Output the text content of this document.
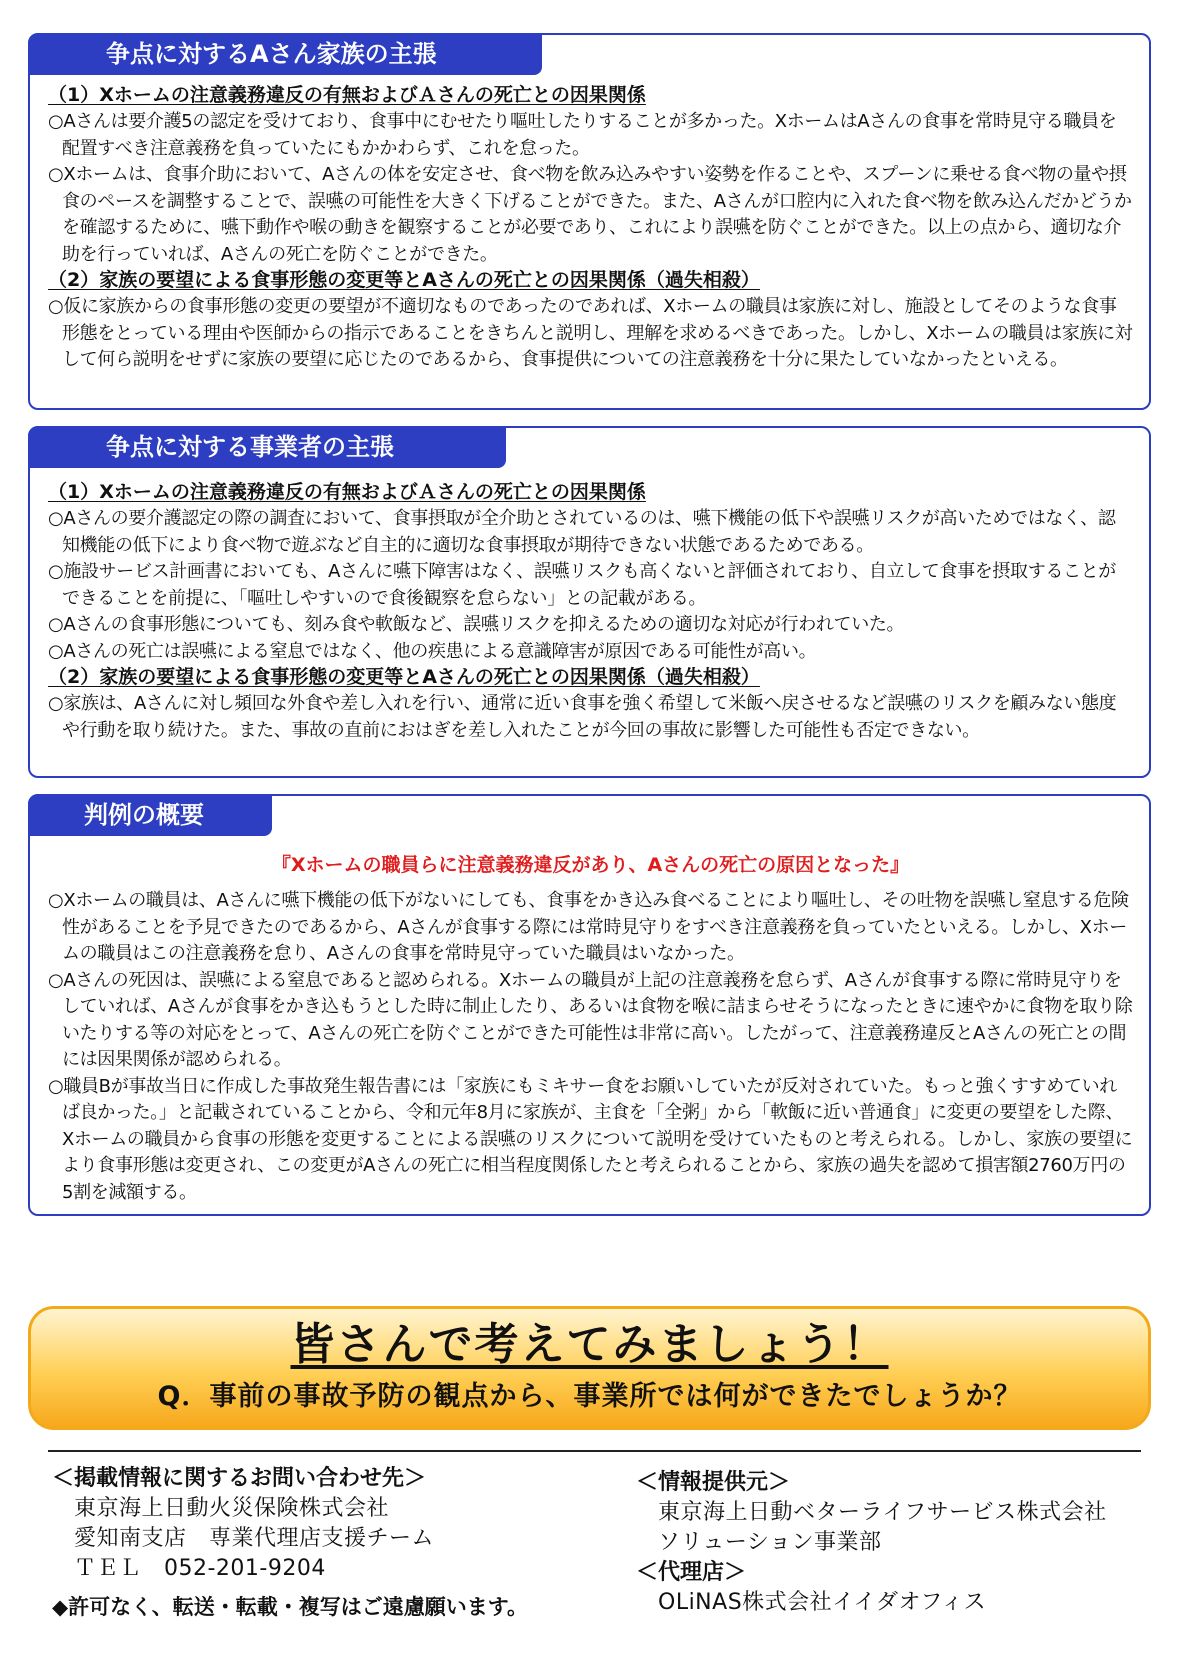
争点に対するAさん家族の主張
（1）Xホームの注意義務違反の有無およびＡさんの死亡との因果関係

○Aさんは要介護5の認定を受けており、食事中にむせたり嘔吐したりすることが多かった。XホームはAさんの食事を常時見守る職員を配置すべき注意義務を負っていたにもかかわらず、これを怠った。

○Xホームは、食事介助において、Aさんの体を安定させ、食べ物を飲み込みやすい姿勢を作ることや、スプーンに乗せる食べ物の量や摂食のペースを調整することで、誤嚥の可能性を大きく下げることができた。また、Aさんが口腔内に入れた食べ物を飲み込んだかどうかを確認するために、嚥下動作や喉の動きを観察することが必要であり、これにより誤嚥を防ぐことができた。以上の点から、適切な介助を行っていれば、Aさんの死亡を防ぐことができた。

（2）家族の要望による食事形態の変更等とAさんの死亡との因果関係（過失相殺）

○仮に家族からの食事形態の変更の要望が不適切なものであったのであれば、Xホームの職員は家族に対し、施設としてそのような食事形態をとっている理由や医師からの指示であることをきちんと説明し、理解を求めるべきであった。しかし、Xホームの職員は家族に対して何ら説明をせずに家族の要望に応じたのであるから、食事提供についての注意義務を十分に果たしていなかったといえる。

争点に対する事業者の主張
（1）Xホームの注意義務違反の有無およびＡさんの死亡との因果関係

○Aさんの要介護認定の際の調査において、食事摂取が全介助とされているのは、嚥下機能の低下や誤嚥リスクが高いためではなく、認知機能の低下により食べ物で遊ぶなど自主的に適切な食事摂取が期待できない状態であるためである。

○施設サービス計画書においても、Aさんに嚥下障害はなく、誤嚥リスクも高くないと評価されており、自立して食事を摂取することができることを前提に、「嘔吐しやすいので食後観察を怠らない」との記載がある。

○Aさんの食事形態についても、刻み食や軟飯など、誤嚥リスクを抑えるための適切な対応が行われていた。

○Aさんの死亡は誤嚥による窒息ではなく、他の疾患による意識障害が原因である可能性が高い。

（2）家族の要望による食事形態の変更等とAさんの死亡との因果関係（過失相殺）

○家族は、Aさんに対し頻回な外食や差し入れを行い、通常に近い食事を強く希望して米飯へ戻させるなど誤嚥のリスクを顧みない態度や行動を取り続けた。また、事故の直前におはぎを差し入れたことが今回の事故に影響した可能性も否定できない。

判例の概要
『Xホームの職員らに注意義務違反があり、Aさんの死亡の原因となった』

○Xホームの職員は、Aさんに嚥下機能の低下がないにしても、食事をかき込み食べることにより嘔吐し、その吐物を誤嚥し窒息する危険性があることを予見できたのであるから、Aさんが食事する際には常時見守りをすべき注意義務を負っていたといえる。しかし、Xホームの職員はこの注意義務を怠り、Aさんの食事を常時見守っていた職員はいなかった。

○Aさんの死因は、誤嚥による窒息であると認められる。Xホームの職員が上記の注意義務を怠らず、Aさんが食事する際に常時見守りをしていれば、Aさんが食事をかき込もうとした時に制止したり、あるいは食物を喉に詰まらせそうになったときに速やかに食物を取り除いたりする等の対応をとって、Aさんの死亡を防ぐことができた可能性は非常に高い。したがって、注意義務違反とAさんの死亡との間には因果関係が認められる。

○職員Bが事故当日に作成した事故発生報告書には「家族にもミキサー食をお願いしていたが反対されていた。もっと強くすすめていれば良かった。」と記載されていることから、令和元年8月に家族が、主食を「全粥」から「軟飯に近い普通食」に変更の要望をした際、Xホームの職員から食事の形態を変更することによる誤嚥のリスクについて説明を受けていたものと考えられる。しかし、家族の要望により食事形態は変更され、この変更がAさんの死亡に相当程度関係したと考えられることから、家族の過失を認めて損害額2760万円の5割を減額する。

皆さんで考えてみましょう！
Q．事前の事故予防の観点から、事業所では何ができたでしょうか？
＜掲載情報に関するお問い合わせ先＞
東京海上日動火災保険株式会社
愛知南支店　専業代理店支援チーム
ＴＥＬ　052-201-9204
◆許可なく、転送・転載・複写はご遠慮願います。
＜情報提供元＞
東京海上日動ベターライフサービス株式会社
ソリューション事業部
＜代理店＞
OLiNAS株式会社イイダオフィス
